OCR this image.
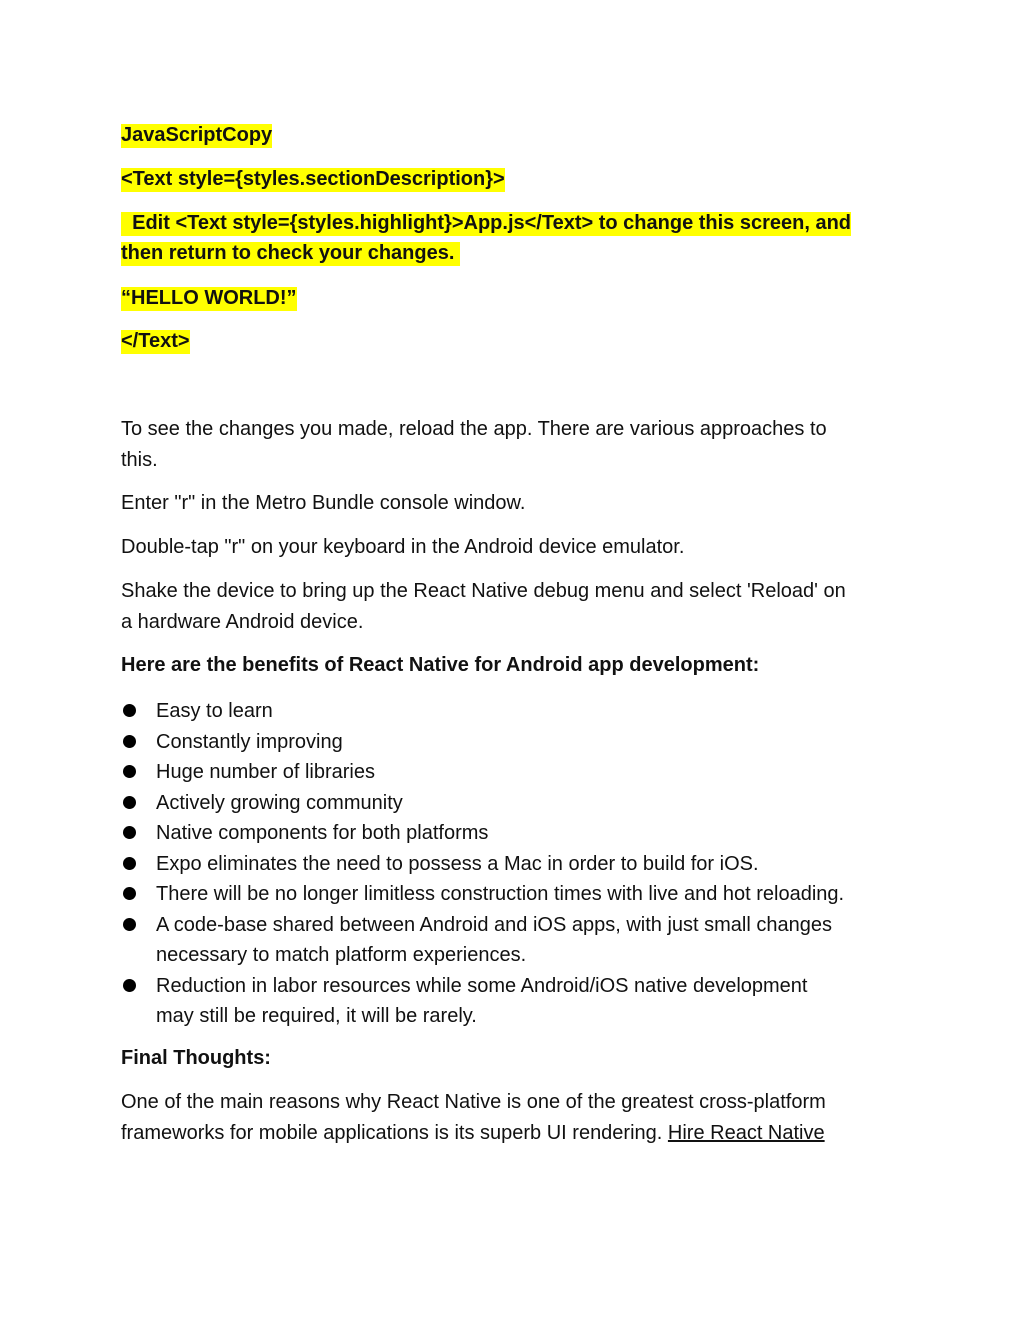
JavaScriptCopy

<Text style={styles.sectionDescription}>

Edit <Text style={styles.highlight}>App.js</Text> to change this screen, and

then return to check your changes.

“HELLO WORLD!”

</Text>

To see the changes you made, reload the app. There are various approaches to
this.

Enter "r" in the Metro Bundle console window.

Double-tap "r" on your keyboard in the Android device emulator.

Shake the device to bring up the React Native debug menu and select 'Reload' on
a hardware Android device.

Here are the benefits of React Native for Android app development:

Easy to learn
Constantly improving
Huge number of libraries
Actively growing community
Native components for both platforms
Expo eliminates the need to possess a Mac in order to build for iOS.
There will be no longer limitless construction times with live and hot reloading.
A code-base shared between Android and iOS apps, with just small changes
necessary to match platform experiences.
Reduction in labor resources while some Android/iOS native development
may still be required, it will be rarely.

Final Thoughts:

One of the main reasons why React Native is one of the greatest cross-platform
frameworks for mobile applications is its superb UI rendering. Hire React Native
